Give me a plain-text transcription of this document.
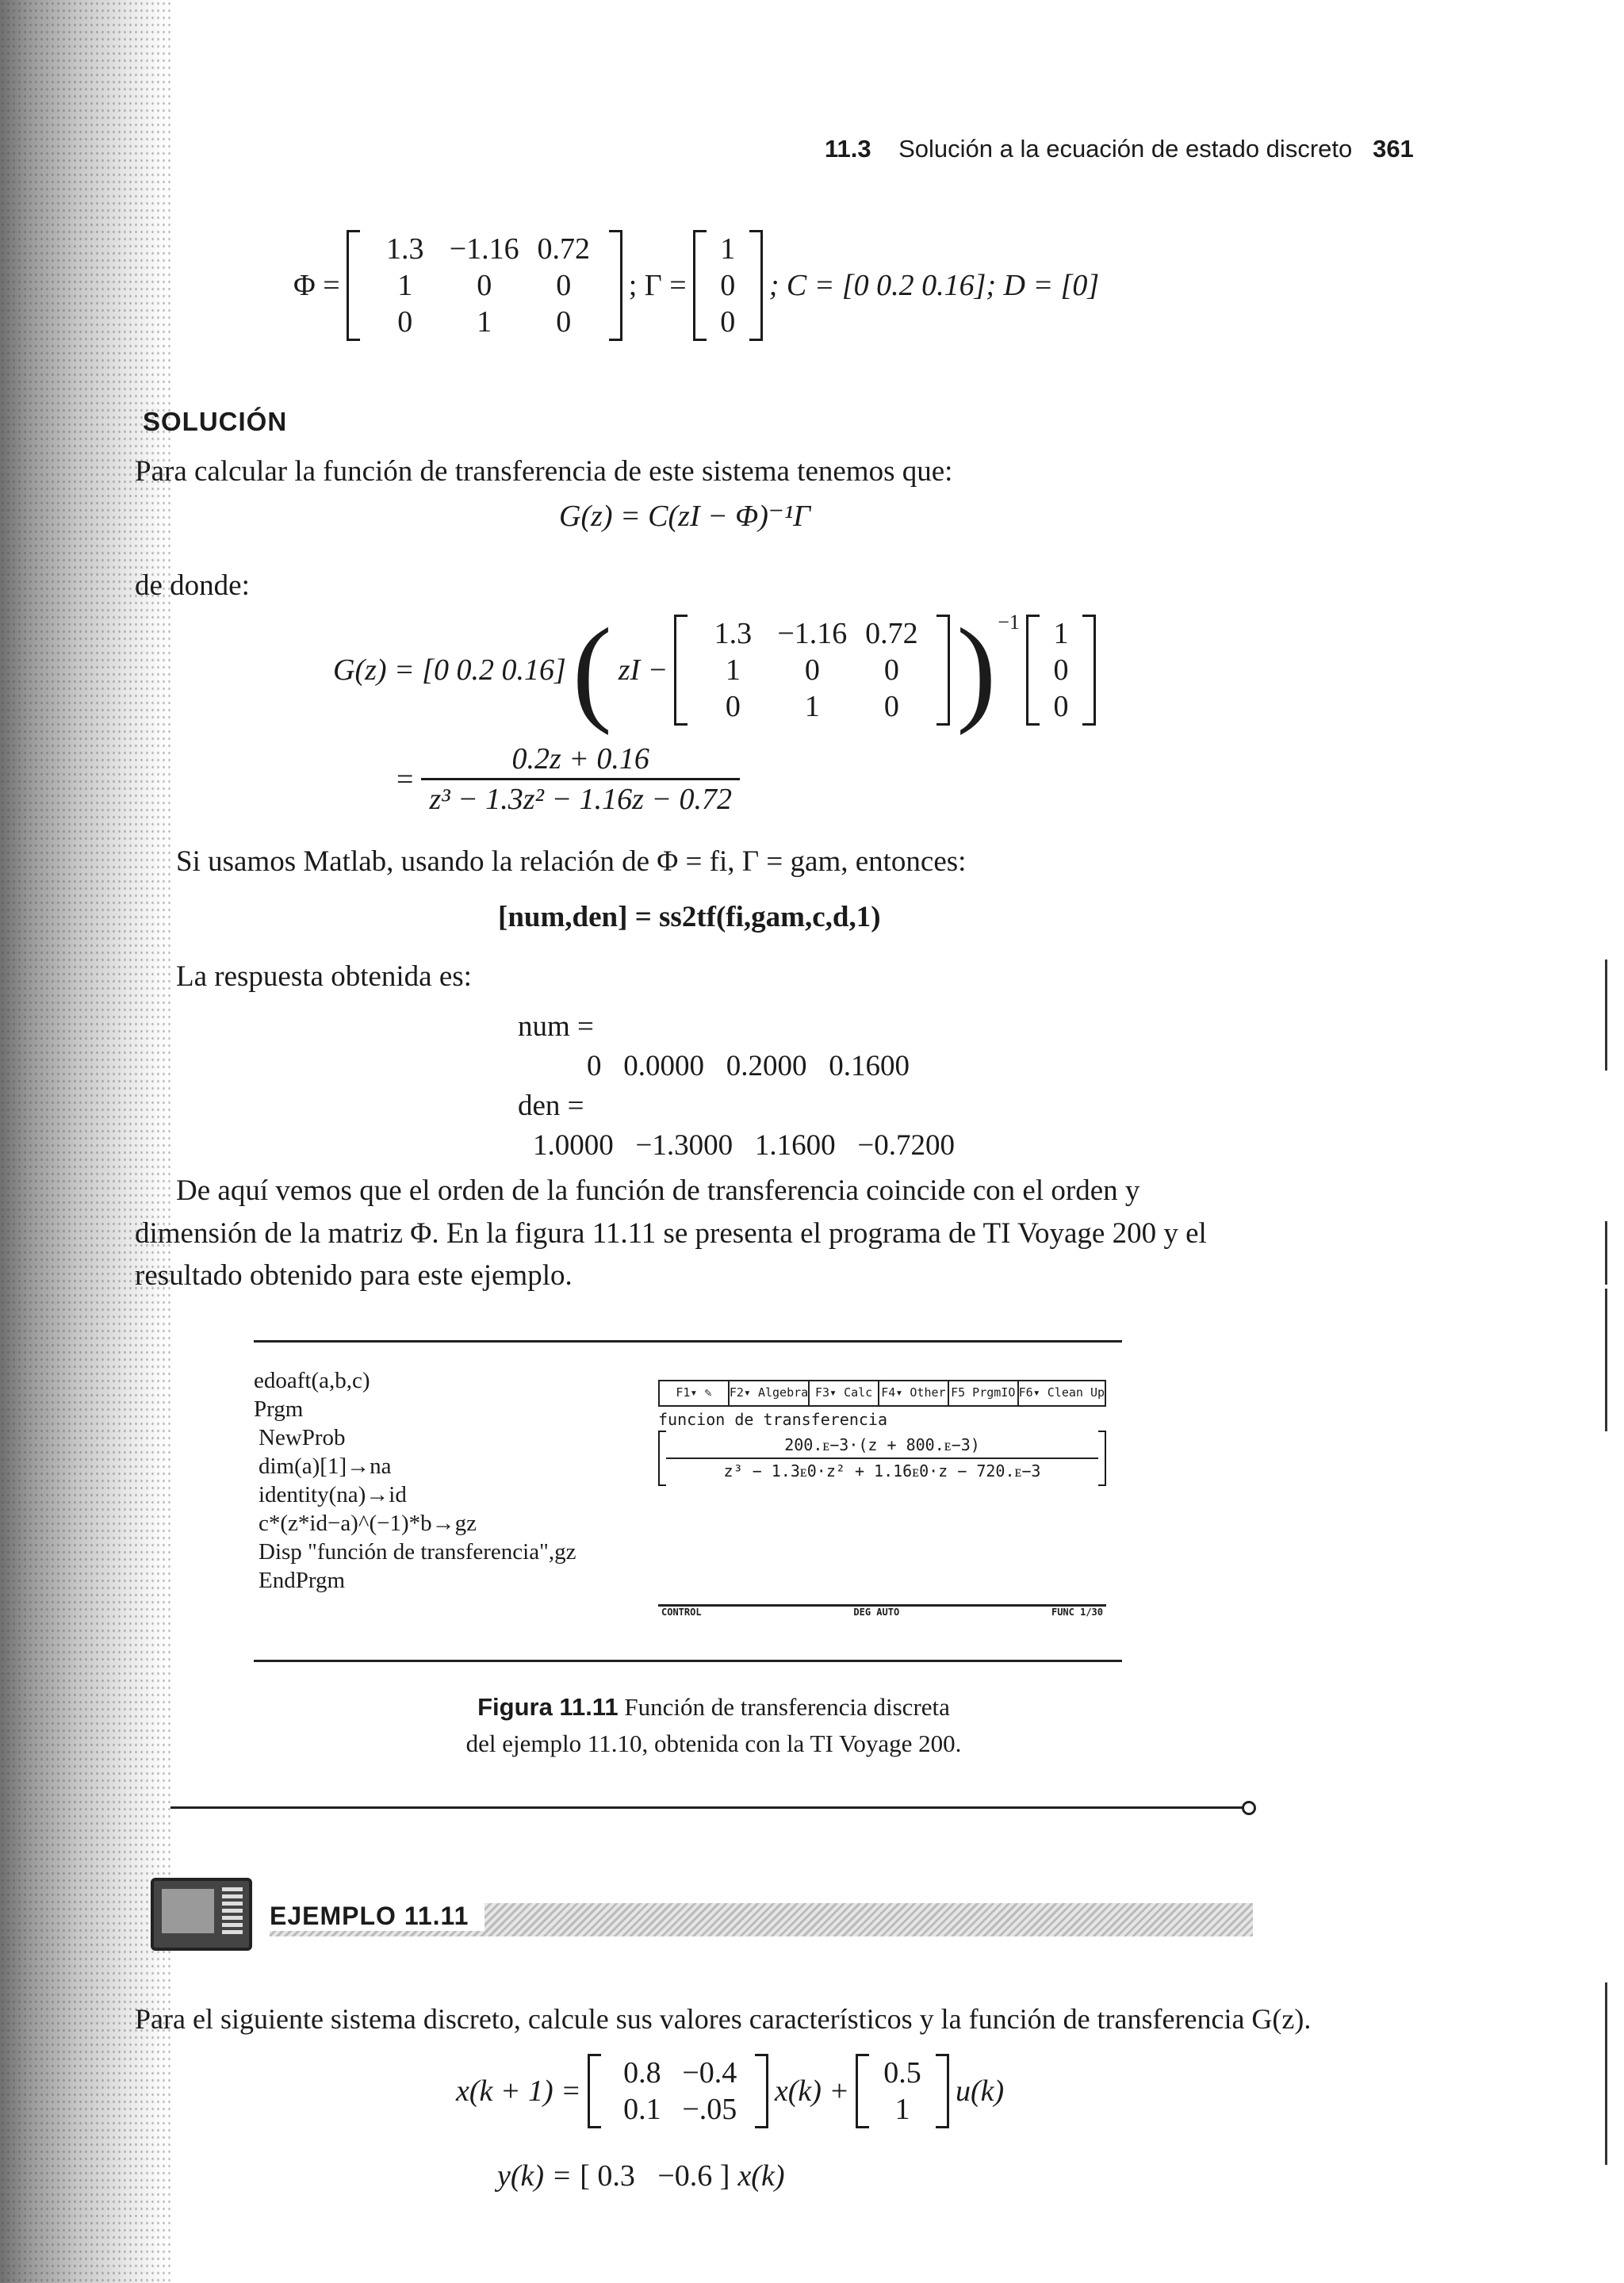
11.3 Solución a la ecuación de estado discreto 361
Φ =
1.3 −1.16 0.72
1	0	0
0	1	0
; Γ =
1
0
0
; C = [0 0.2 0.16]; D = [0]
SOLUCIÓN
Para calcular la función de transferencia de este sistema tenemos que:
G(z) = C(zI − Φ)⁻¹Γ
de donde:
G(z) = [0 0.2 0.16] ( zI −
1.3 −1.16 0.72
1	0	0
0	1	0 ) −1 1
0
0
=
0.2z + 0.16
z³ − 1.3z² − 1.16z − 0.72
Si usamos Matlab, usando la relación de Φ = fi, Γ = gam, entonces:
[num,den] = ss2tf(fi,gam,c,d,1)
La respuesta obtenida es:
num =
0   0.0000   0.2000   0.1600
den =
1.0000   −1.3000   1.1600   −0.7200
De aquí vemos que el orden de la función de transferencia coincide con el orden y dimensión de la matriz Φ. En la figura 11.11 se presenta el programa de TI Voyage 200 y el resultado obtenido para este ejemplo.
edoaft(a,b,c)
Prgm
NewProb
dim(a)[1]→na
identity(na)→id
c*(z*id−a)^(−1)*b→gz
Disp "función de transferencia",gz
EndPrgm
F1▾ ✎	F2▾ Algebra F3▾ Calc F4▾ Other F5 PrgmIO F6▾ Clean Up
funcion de transferencia
200.ᴇ−3·(z + 800.ᴇ−3)
z³ − 1.3ᴇ0·z² + 1.16ᴇ0·z − 720.ᴇ−3
CONTROL	DEG AUTO	FUNC 1/30
Figura 11.11 Función de transferencia discreta
del ejemplo 11.10, obtenida con la TI Voyage 200.
EJEMPLO 11.11
Para el siguiente sistema discreto, calcule sus valores característicos y la función de transferencia G(z).
x(k + 1) =
0.8 −0.4
0.1 −.05
x(k) +
0.5
1
u(k)
y(k) = [ 0.3   −0.6 ] x(k)
